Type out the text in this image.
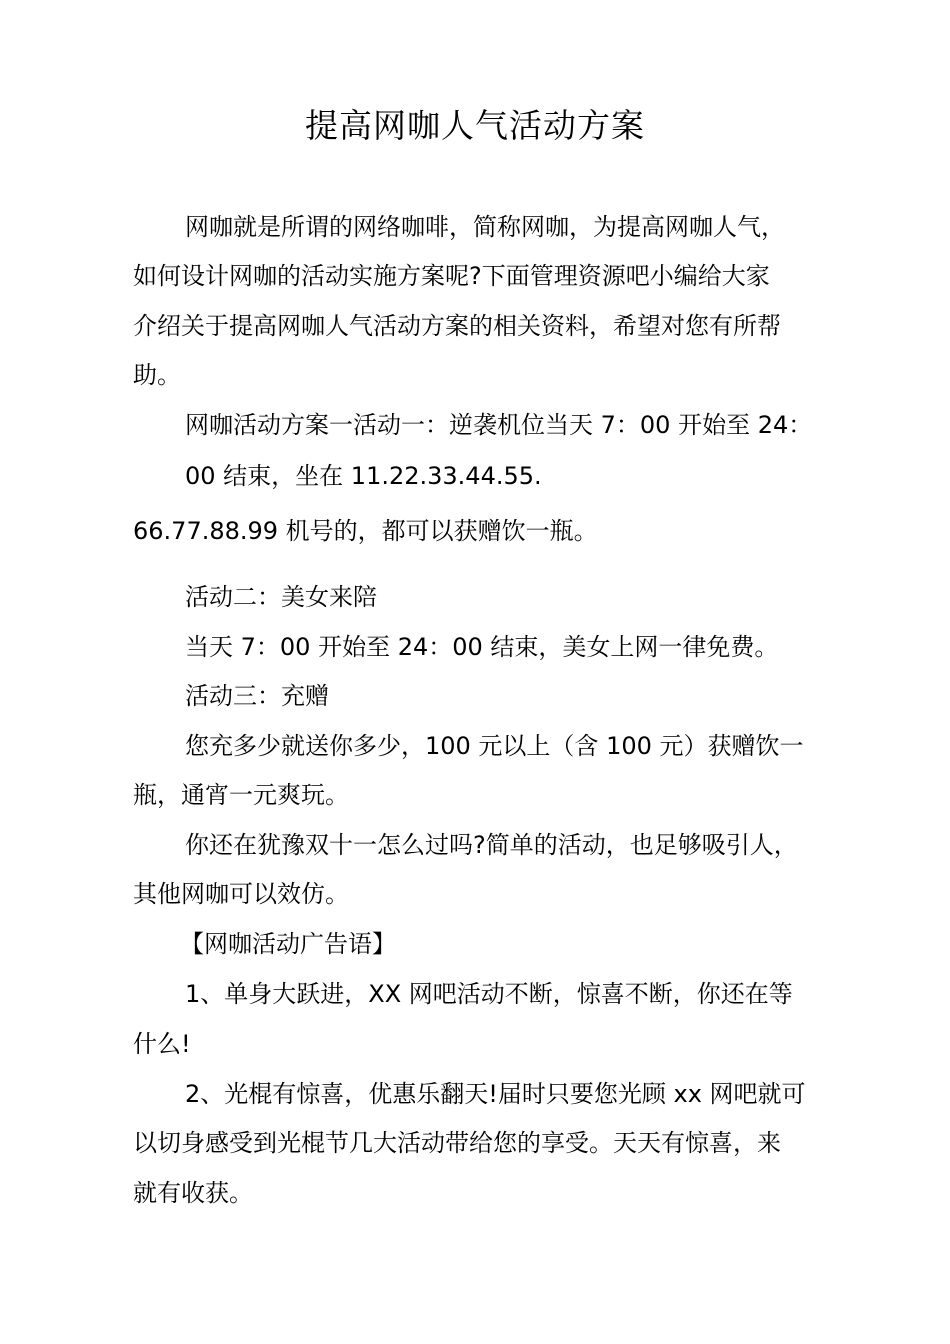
提高网咖人气活动方案
网咖就是所谓的网络咖啡，简称网咖，为提高网咖人气，
如何设计网咖的活动实施方案呢?下面管理资源吧小编给大家
介绍关于提高网咖人气活动方案的相关资料，希望对您有所帮
助。
网咖活动方案一活动一：逆袭机位当天 7：00 开始至 24：
00 结束，坐在 11.22.33.44.55.
66.77.88.99 机号的，都可以获赠饮一瓶。
活动二：美女来陪
当天 7：00 开始至 24：00 结束，美女上网一律免费。
活动三：充赠
您充多少就送你多少，100 元以上（含 100 元）获赠饮一
瓶，通宵一元爽玩。
你还在犹豫双十一怎么过吗?简单的活动，也足够吸引人，
其他网咖可以效仿。
【网咖活动广告语】
1、单身大跃进，XX 网吧活动不断，惊喜不断，你还在等
什么!
2、光棍有惊喜，优惠乐翻天!届时只要您光顾 xx 网吧就可
以切身感受到光棍节几大活动带给您的享受。天天有惊喜，来
就有收获。
